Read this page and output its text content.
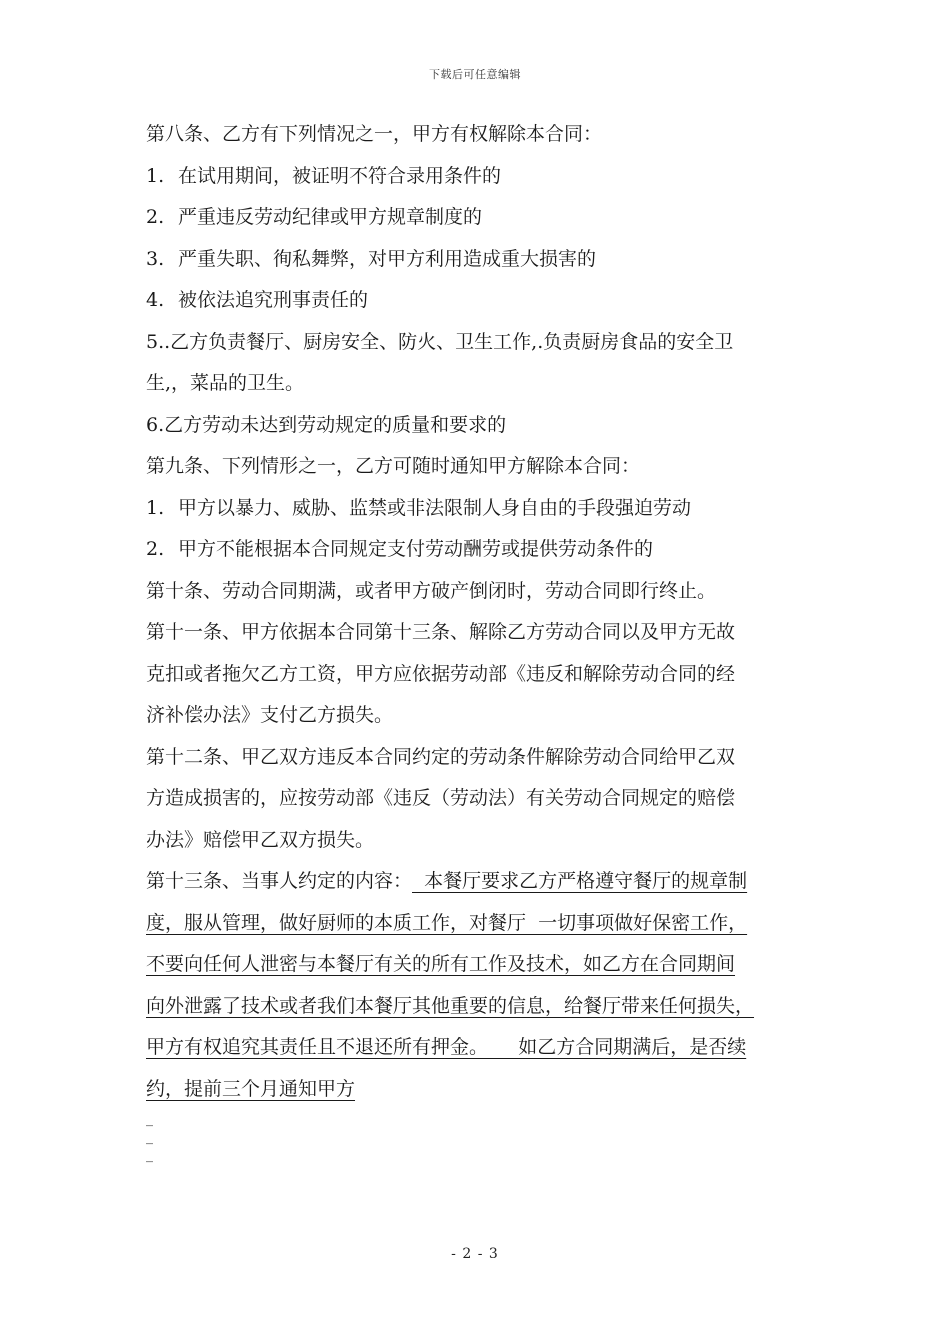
下载后可任意编辑
第八条、乙方有下列情况之一，甲方有权解除本合同：
1. 在试用期间，被证明不符合录用条件的
2. 严重违反劳动纪律或甲方规章制度的
3. 严重失职、徇私舞弊，对甲方利用造成重大损害的
4. 被依法追究刑事责任的
5..乙方负责餐厅、厨房安全、防火、卫生工作,.负责厨房食品的安全卫
生,，菜品的卫生。
6.乙方劳动未达到劳动规定的质量和要求的
第九条、下列情形之一，乙方可随时通知甲方解除本合同：
1. 甲方以暴力、威胁、监禁或非法限制人身自由的手段强迫劳动
2. 甲方不能根据本合同规定支付劳动酬劳或提供劳动条件的
第十条、劳动合同期满，或者甲方破产倒闭时，劳动合同即行终止。
第十一条、甲方依据本合同第十三条、解除乙方劳动合同以及甲方无故
克扣或者拖欠乙方工资，甲方应依据劳动部《违反和解除劳动合同的经
济补偿办法》支付乙方损失。
第十二条、甲乙双方违反本合同约定的劳动条件解除劳动合同给甲乙双
方造成损害的，应按劳动部《违反（劳动法）有关劳动合同规定的赔偿
办法》赔偿甲乙双方损失。
第十三条、当事人约定的内容：  本餐厅要求乙方严格遵守餐厅的规章制
度，服从管理，做好厨师的本质工作，对餐厅  一切事项做好保密工作，
不要向任何人泄密与本餐厅有关的所有工作及技术，如乙方在合同期间
向外泄露了技术或者我们本餐厅其他重要的信息，给餐厅带来任何损失，
甲方有权追究其责任且不退还所有押金。     如乙方合同期满后，是否续
约，提前三个月通知甲方
_
_
_
- 2 - 3
